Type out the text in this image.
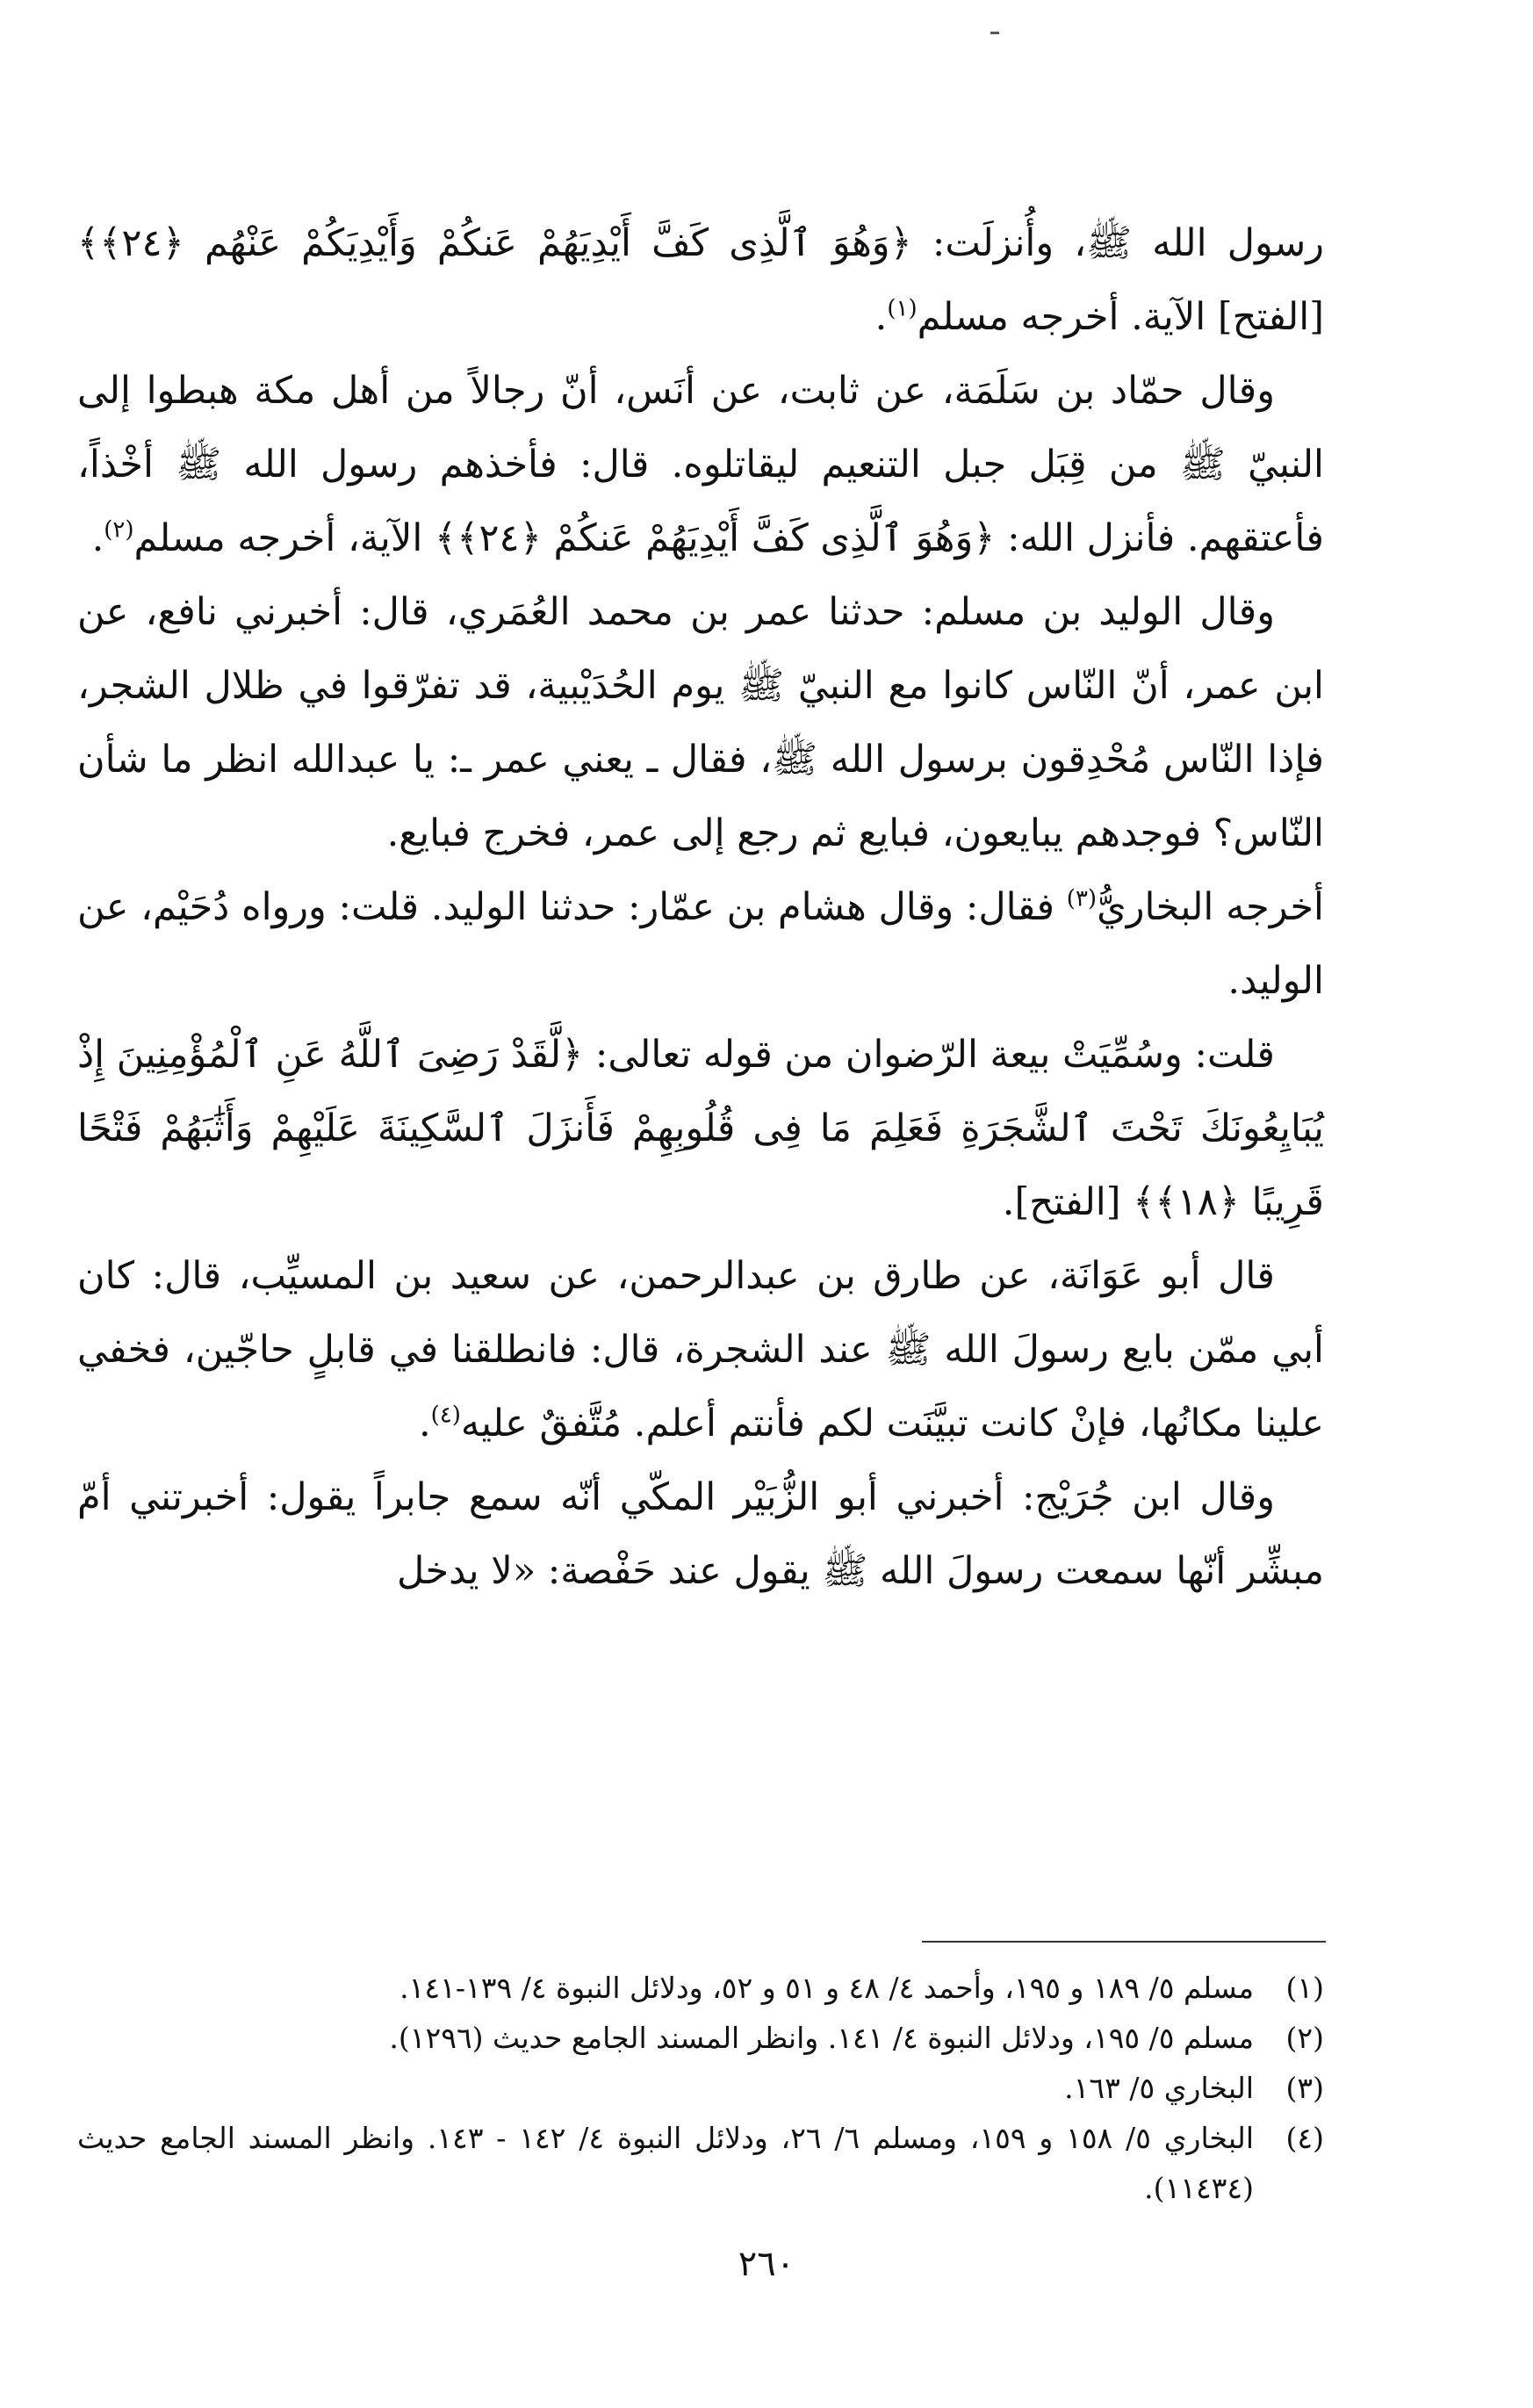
رسول الله ﷺ، وأُنزلَت: ﴿وَهُوَ ٱلَّذِى كَفَّ أَيْدِيَهُمْ عَنكُمْ وَأَيْدِيَكُمْ عَنْهُم ﴿٢٤﴾﴾ [الفتح] الآية. أخرجه مسلم$^{(١)}$.

وقال حمّاد بن سَلَمَة، عن ثابت، عن أنَس، أنّ رجالاً من أهل مكة هبطوا إلى النبيّ ﷺ من قِبَل جبل التنعيم ليقاتلوه. قال: فأخذهم رسول الله ﷺ أخْذاً، فأعتقهم. فأنزل الله: ﴿وَهُوَ ٱلَّذِى كَفَّ أَيْدِيَهُمْ عَنكُمْ ﴿٢٤﴾﴾ الآية، أخرجه مسلم$^{(٢)}$.

وقال الوليد بن مسلم: حدثنا عمر بن محمد العُمَري، قال: أخبرني نافع، عن ابن عمر، أنّ النّاس كانوا مع النبيّ ﷺ يوم الحُدَيْبية، قد تفرّقوا في ظلال الشجر، فإذا النّاس مُحْدِقون برسول الله ﷺ، فقال ـ يعني عمر ـ: يا عبدالله انظر ما شأن النّاس؟ فوجدهم يبايعون، فبايع ثم رجع إلى عمر، فخرج فبايع.

أخرجه البخاريُّ$^{(٣)}$ فقال: وقال هشام بن عمّار: حدثنا الوليد. قلت: ورواه دُحَيْم، عن الوليد.

قلت: وسُمِّيَتْ بيعة الرّضوان من قوله تعالى: ﴿لَّقَدْ رَضِىَ ٱللَّهُ عَنِ ٱلْمُؤْمِنِينَ إِذْ يُبَايِعُونَكَ تَحْتَ ٱلشَّجَرَةِ فَعَلِمَ مَا فِى قُلُوبِهِمْ فَأَنزَلَ ٱلسَّكِينَةَ عَلَيْهِمْ وَأَثَٰبَهُمْ فَتْحًا قَرِيبًا ﴿١٨﴾﴾ [الفتح].

قال أبو عَوَانَة، عن طارق بن عبدالرحمن، عن سعيد بن المسيِّب، قال: كان أبي ممّن بايع رسولَ الله ﷺ عند الشجرة، قال: فانطلقنا في قابلٍ حاجّين، فخفي علينا مكانُها، فإنْ كانت تبيَّنَت لكم فأنتم أعلم. مُتَّفقٌ عليه$^{(٤)}$.

وقال ابن جُرَيْج: أخبرني أبو الزُّبَيْر المكّي أنّه سمع جابراً يقول: أخبرتني أمّ مبشِّر أنّها سمعت رسولَ الله ﷺ يقول عند حَفْصة: «لا يدخل

(١)
مسلم ٥/ ١٨٩ و ١٩٥، وأحمد ٤/ ٤٨ و ٥١ و ٥٢، ودلائل النبوة ٤/ ١٣٩-١٤١.
(٢)
مسلم ٥/ ١٩٥، ودلائل النبوة ٤/ ١٤١. وانظر المسند الجامع حديث (١٢٩٦).
(٣)
البخاري ٥/ ١٦٣.
(٤)
البخاري ٥/ ١٥٨ و ١٥٩، ومسلم ٦/ ٢٦، ودلائل النبوة ٤/ ١٤٢ - ١٤٣. وانظر المسند الجامع حديث (١١٤٣٤).
٢٦٠
